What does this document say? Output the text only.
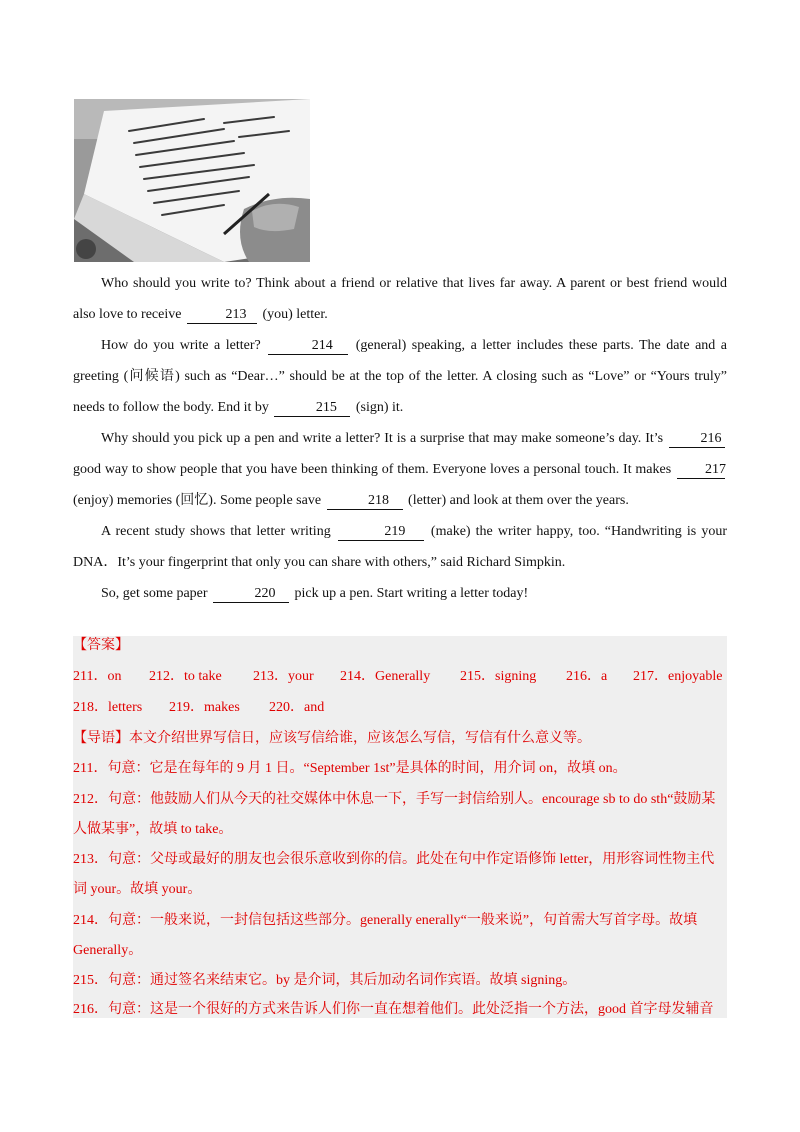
Who should you write to? Think about a friend or relative that lives far away. A parent or best friend would also love to receive	213 (you) letter.

How do you write a letter?	214 (general) speaking, a letter includes these parts. The date and a greeting (问候语) such as “Dear…” should be at the top of the letter. A closing such as “Love” or “Yours truly” needs to follow the body. End it by	215 (sign) it.

Why should you pick up a pen and write a letter? It is a surprise that may make someone’s day. It’s	216 good way to show people that you have been thinking of them. Everyone loves a personal touch. It makes 217 (enjoy) memories (回忆). Some people save	218 (letter) and look at them over the years.

A recent study shows that letter writing	219 (make) the writer happy, too. “Handwriting is your DNA．It’s your fingerprint that only you can share with others,” said Richard Simpkin.

So, get some paper	220 pick up a pen. Start writing a letter today!

【答案】
211．on 212．to take 213．your 214．Generally 215．signing 216．a 217．enjoyable
218．letters 219．makes 220．and
【导语】本文介绍世界写信日，应该写信给谁，应该怎么写信，写信有什么意义等。
211．句意：它是在每年的 9 月 1 日。“September 1st”是具体的时间，用介词 on，故填 on。
212．句意：他鼓励人们从今天的社交媒体中休息一下，手写一封信给别人。encourage sb to do sth“鼓励某
人做某事”，故填 to take。
213．句意：父母或最好的朋友也会很乐意收到你的信。此处在句中作定语修饰 letter，用形容词性物主代
词 your。故填 your。
214．句意：一般来说，一封信包括这些部分。generally enerally“一般来说”，句首需大写首字母。故填
Generally。
215．句意：通过签名来结束它。by 是介词，其后加动名词作宾语。故填 signing。
216．句意：这是一个很好的方式来告诉人们你一直在想着他们。此处泛指一个方法，good 首字母发辅音
